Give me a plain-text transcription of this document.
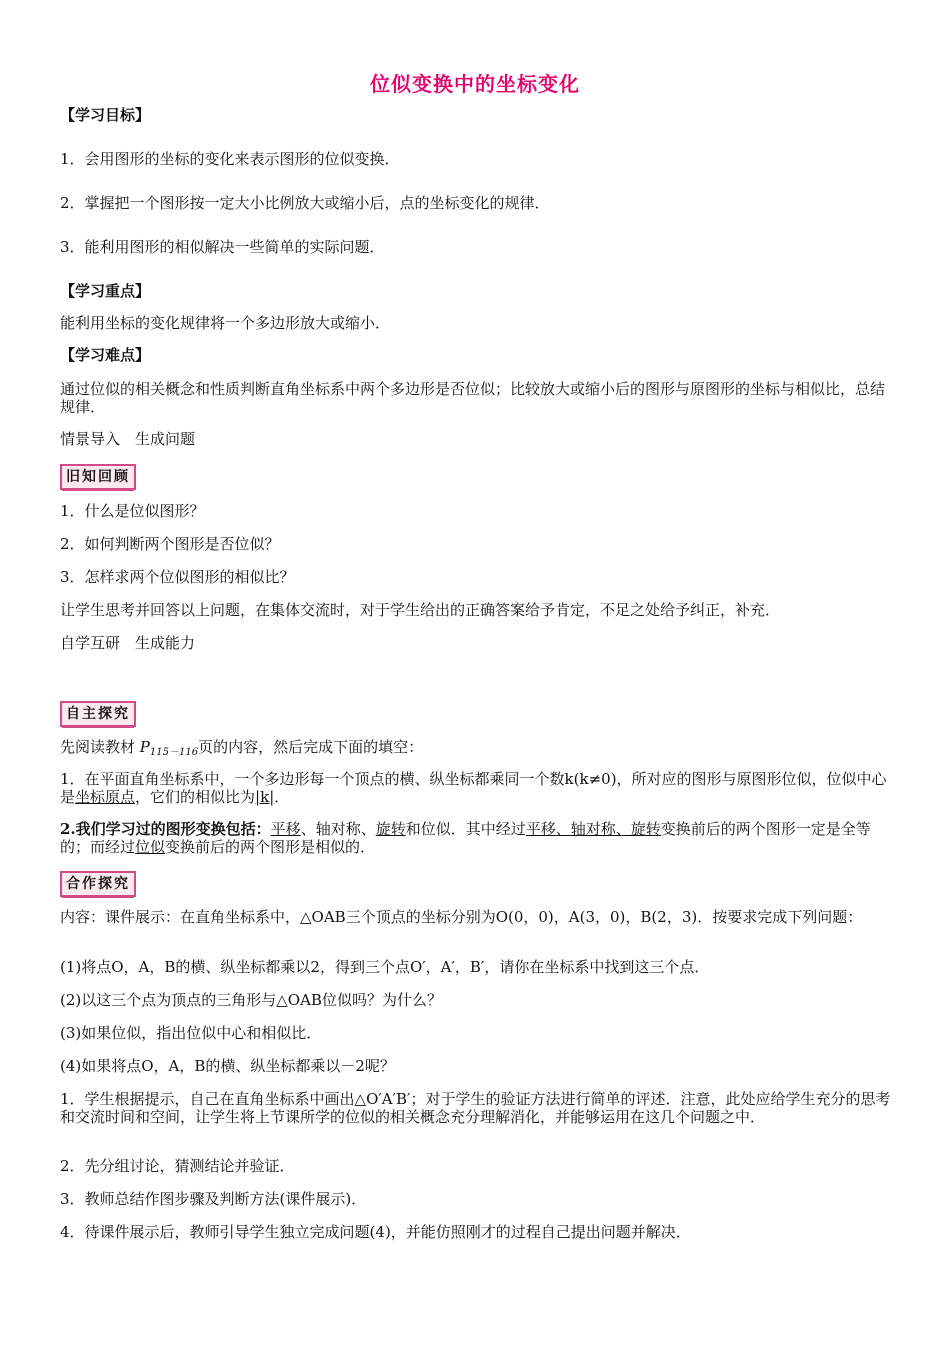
位似变换中的坐标变化
【学习目标】
1．会用图形的坐标的变化来表示图形的位似变换．
2．掌握把一个图形按一定大小比例放大或缩小后，点的坐标变化的规律．
3．能利用图形的相似解决一些简单的实际问题．
【学习重点】
能利用坐标的变化规律将一个多边形放大或缩小．
【学习难点】
通过位似的相关概念和性质判断直角坐标系中两个多边形是否位似；比较放大或缩小后的图形与原图形的坐标与相似比，总结规律．
情景导入　生成问题
旧知回顾
1．什么是位似图形？
2．如何判断两个图形是否位似？
3．怎样求两个位似图形的相似比？
让学生思考并回答以上问题，在集体交流时，对于学生给出的正确答案给予肯定，不足之处给予纠正，补充．
自学互研　生成能力
自主探究
先阅读教材 $P_{115-116}$页的内容，然后完成下面的填空：
1．在平面直角坐标系中，一个多边形每一个顶点的横、纵坐标都乘同一个数k(k≠0)，所对应的图形与原图形位似，位似中心是坐标原点，它们的相似比为|k|．
2.我们学习过的图形变换包括：平移、轴对称、旋转和位似．其中经过平移、轴对称、旋转变换前后的两个图形一定是全等的；而经过位似变换前后的两个图形是相似的．
合作探究
内容：课件展示：在直角坐标系中，△OAB三个顶点的坐标分别为O(0，0)，A(3，0)，B(2，3)．按要求完成下列问题：
(1)将点O，A，B的横、纵坐标都乘以2，得到三个点O′，A′，B′，请你在坐标系中找到这三个点．
(2)以这三个点为顶点的三角形与△OAB位似吗？为什么？
(3)如果位似，指出位似中心和相似比．
(4)如果将点O，A，B的横、纵坐标都乘以－2呢？
1．学生根据提示，自己在直角坐标系中画出△O′A′B′；对于学生的验证方法进行简单的评述．注意，此处应给学生充分的思考和交流时间和空间，让学生将上节课所学的位似的相关概念充分理解消化，并能够运用在这几个问题之中．
2．先分组讨论，猜测结论并验证．
3．教师总结作图步骤及判断方法(课件展示)．
4．待课件展示后，教师引导学生独立完成问题(4)，并能仿照刚才的过程自己提出问题并解决．
